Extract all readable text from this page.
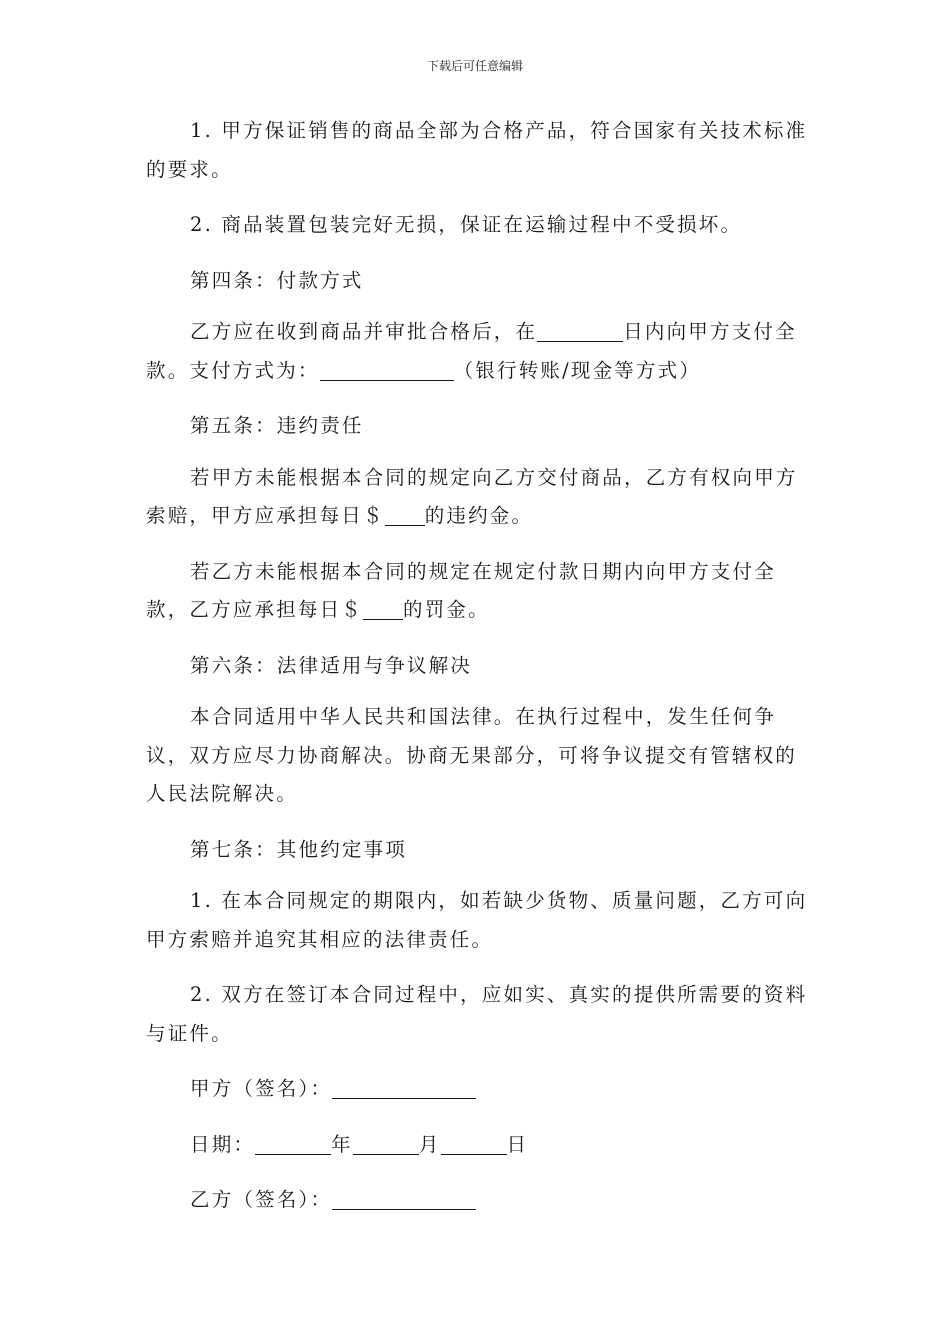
下载后可任意编辑

1. 甲方保证销售的商品全部为合格产品，符合国家有关技术标准的要求。

2. 商品装置包装完好无损，保证在运输过程中不受损坏。

第四条：付款方式

乙方应在收到商品并审批合格后，在	日内向甲方支付全款。支付方式为：	（银行转账/现金等方式）

第五条：违约责任

若甲方未能根据本合同的规定向乙方交付商品，乙方有权向甲方索赔，甲方应承担每日＄ 的违约金。

若乙方未能根据本合同的规定在规定付款日期内向甲方支付全款，乙方应承担每日＄ 的罚金。

第六条：法律适用与争议解决

本合同适用中华人民共和国法律。在执行过程中，发生任何争议，双方应尽力协商解决。协商无果部分，可将争议提交有管辖权的人民法院解决。

第七条：其他约定事项

1. 在本合同规定的期限内，如若缺少货物、质量问题，乙方可向甲方索赔并追究其相应的法律责任。

2. 双方在签订本合同过程中，应如实、真实的提供所需要的资料与证件。

甲方（签名）：
日期：	年	月	日
乙方（签名）：
